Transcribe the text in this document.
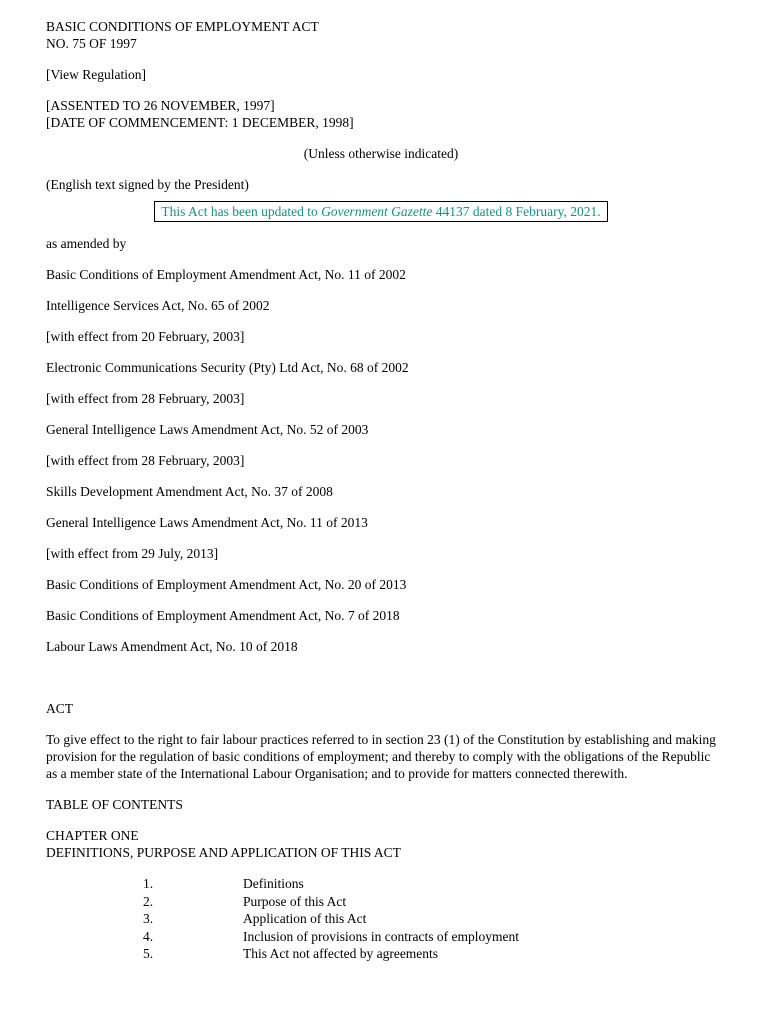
BASIC CONDITIONS OF EMPLOYMENT ACT
NO. 75 OF 1997
[View Regulation]
[ASSENTED TO 26 NOVEMBER, 1997]
[DATE OF COMMENCEMENT: 1 DECEMBER, 1998]
(Unless otherwise indicated)
(English text signed by the President)
This Act has been updated to Government Gazette 44137 dated 8 February, 2021.
as amended by
Basic Conditions of Employment Amendment Act, No. 11 of 2002
Intelligence Services Act, No. 65 of 2002
[with effect from 20 February, 2003]
Electronic Communications Security (Pty) Ltd Act, No. 68 of 2002
[with effect from 28 February, 2003]
General Intelligence Laws Amendment Act, No. 52 of 2003
[with effect from 28 February, 2003]
Skills Development Amendment Act, No. 37 of 2008
General Intelligence Laws Amendment Act, No. 11 of 2013
[with effect from 29 July, 2013]
Basic Conditions of Employment Amendment Act, No. 20 of 2013
Basic Conditions of Employment Amendment Act, No. 7 of 2018
Labour Laws Amendment Act, No. 10 of 2018
ACT
To give effect to the right to fair labour practices referred to in section 23 (1) of the Constitution by establishing and making provision for the regulation of basic conditions of employment; and thereby to comply with the obligations of the Republic as a member state of the International Labour Organisation; and to provide for matters connected therewith.
TABLE OF CONTENTS
CHAPTER ONE
DEFINITIONS, PURPOSE AND APPLICATION OF THIS ACT
1.	Definitions
2.	Purpose of this Act
3.	Application of this Act
4.	Inclusion of provisions in contracts of employment
5.	This Act not affected by agreements
